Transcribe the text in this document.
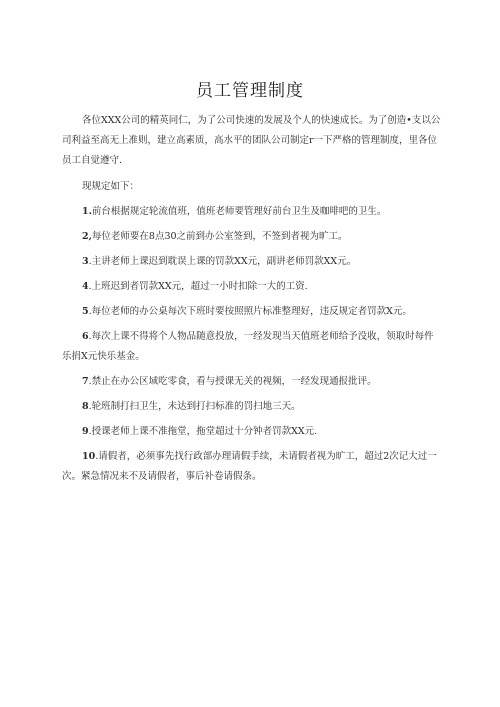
员工管理制度

各位XXX公司的精英同仁，为了公司快速的发展及个人的快速成长。为了创造•支以公司利益至高无上准则，建立高素质，高水平的团队公司制定r一下严格的管理制度，里各位员工自觉遵守.

现规定如下：

1.前台根据规定轮流值班，值班老师要管理好前台卫生及咖啡吧的卫生。

2,每位老师要在8点30之前到办公室签到，不签到者视为旷工。

3.主讲老师上课迟到耽误上课的罚款XX元，副讲老师罚款XX元。

4.上班迟到者罚款XX元，超过一小时扣除一大的工资.

5.每位老师的办公桌每次下班时要按照照片标准整理好，违反规定者罚款X元。

6.每次上课不得将个人物品随意投放，一经发现当天值班老师给予没收，领取时每件乐捐X元快乐基金。

7.禁止在办公区域吃零食，看与授课无关的视频，一经发现通报批评。

8.轮班制打扫卫生，未达到打扫标准的罚扫地三天。

9.授课老师上课不准拖堂，拖堂超过十分钟者罚款XX元.

10.请假者，必须事先找行政部办理请假手续，未请假者视为旷工，超过2次记大过一次。紧急情况来不及请假者，事后补卷请假条。
